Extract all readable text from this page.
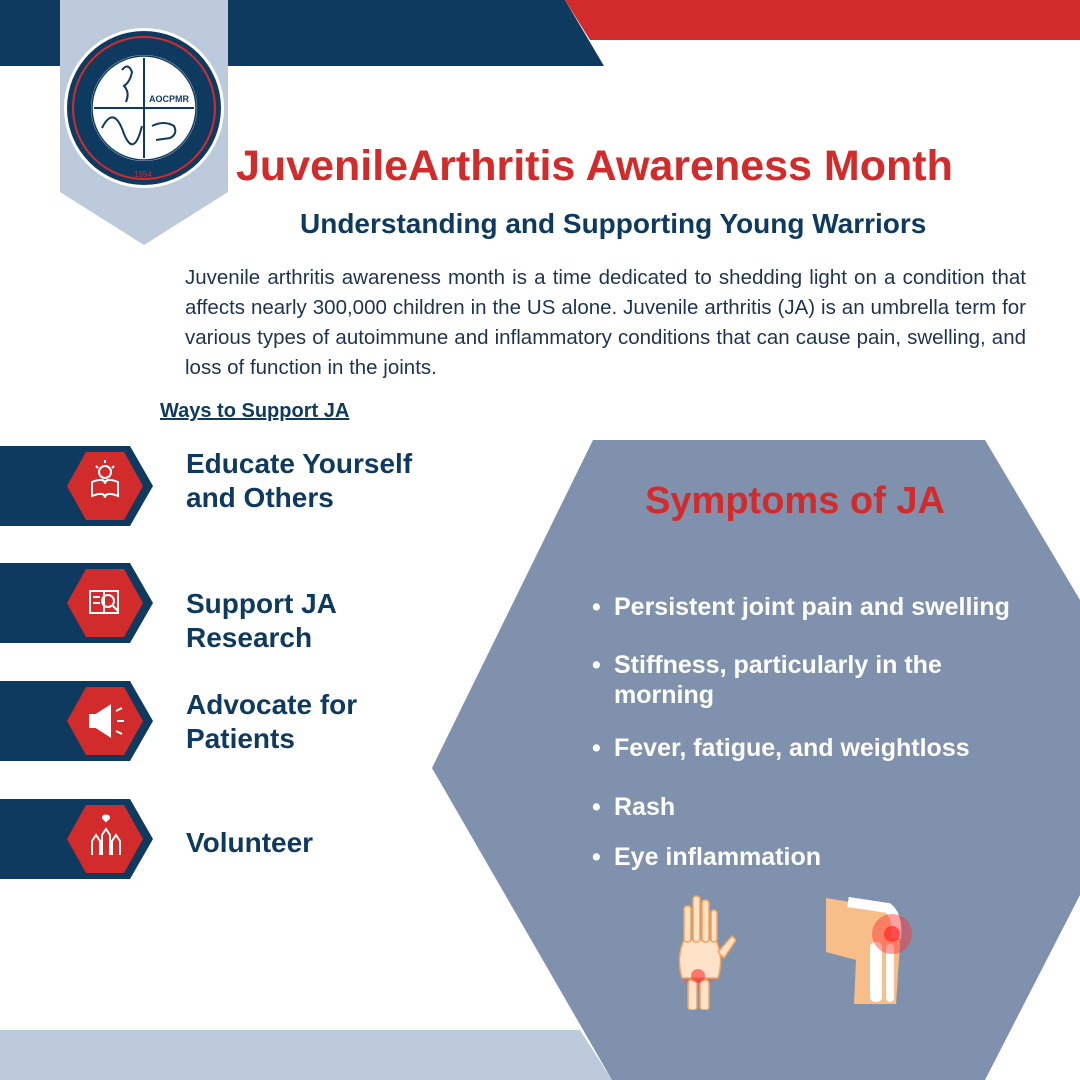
AOCPMR
1954 JuvenileArthritis Awareness Month
Understanding and Supporting Young Warriors
Juvenile arthritis awareness month is a time dedicated to shedding light on a condition that affects nearly 300,000 children in the US alone. Juvenile arthritis (JA) is an umbrella term for various types of autoimmune and inflammatory conditions that can cause pain, swelling, and loss of function in the joints.
Ways to Support JA
Educate Yourself and Others
Support JA Research
Advocate for Patients
Volunteer
Symptoms of JA
• Persistent joint pain and swelling
• Stiffness, particularly in the morning
• Fever, fatigue, and weightloss
• Rash
• Eye inflammation
